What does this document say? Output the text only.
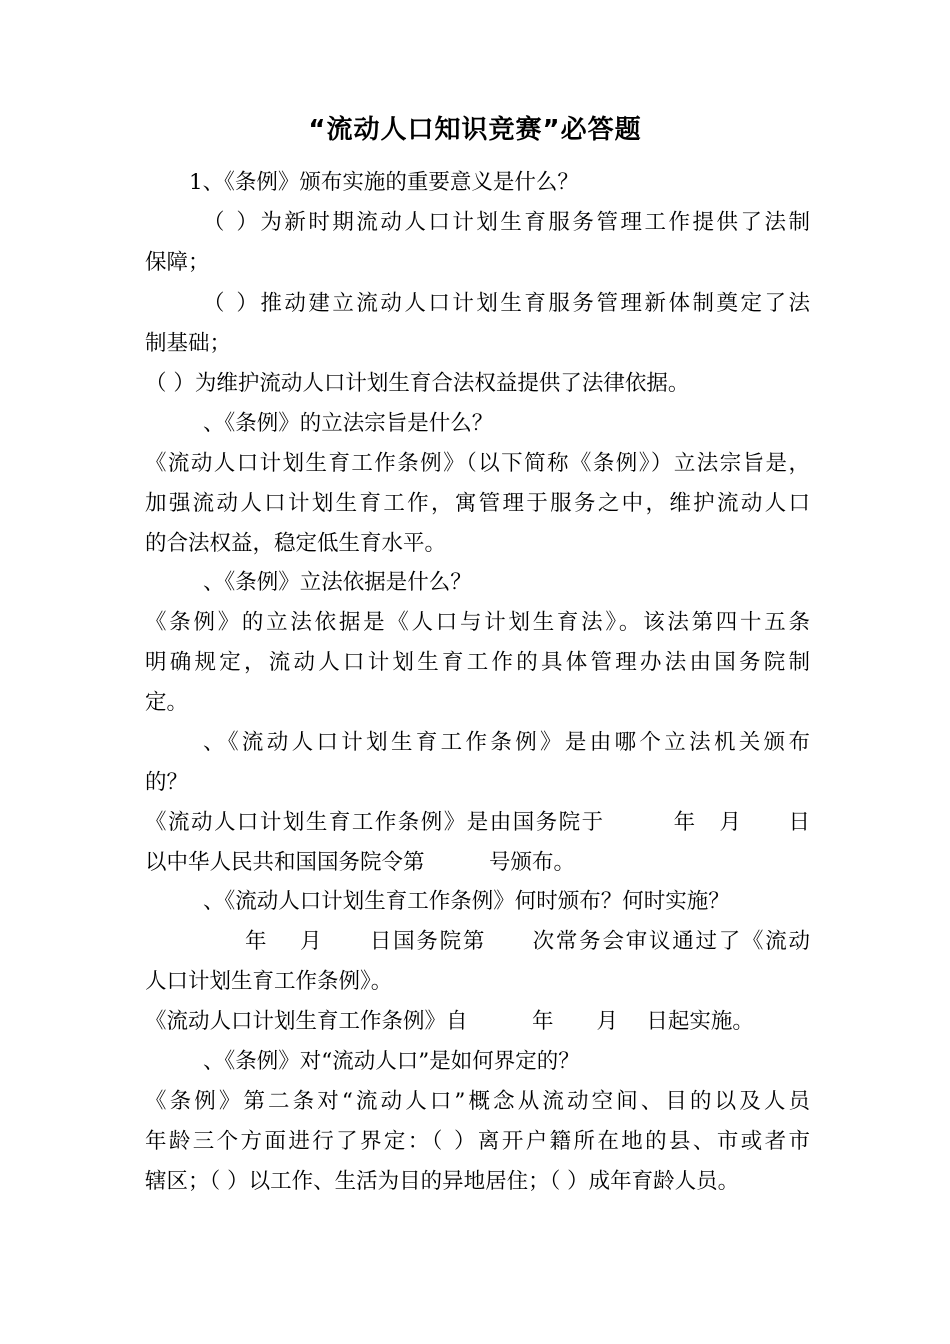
“流动人口知识竞赛”必答题
1、《条例》颁布实施的重要意义是什么？
（ ）为新时期流动人口计划生育服务管理工作提供了法制
保障；
（ ）推动建立流动人口计划生育服务管理新体制奠定了法
制基础；
（ ）为维护流动人口计划生育合法权益提供了法律依据。
、《条例》的立法宗旨是什么？
《流动人口计划生育工作条例》（以下简称《条例》）立法宗旨是，
加强流动人口计划生育工作，寓管理于服务之中，维护流动人口
的合法权益，稳定低生育水平。
、《条例》立法依据是什么？
《条例》的立法依据是《人口与计划生育法》。该法第四十五条
明确规定，流动人口计划生育工作的具体管理办法由国务院制
定。
、《流动人口计划生育工作条例》是由哪个立法机关颁布
的？
《流动人口计划生育工作条例》是由国务院于　　　年　月　　日
以中华人民共和国国务院令第　　　号颁布。
、《流动人口计划生育工作条例》何时颁布？何时实施？
年　 月　　日国务院第　　次常务会审议通过了《流动
人口计划生育工作条例》。
《流动人口计划生育工作条例》自　　　年　　月　 日起实施。
、《条例》对“流动人口”是如何界定的？
《条例》第二条对“流动人口”概念从流动空间、目的以及人员
年龄三个方面进行了界定：（ ）离开户籍所在地的县、市或者市
辖区；（ ）以工作、生活为目的异地居住；（ ）成年育龄人员。
